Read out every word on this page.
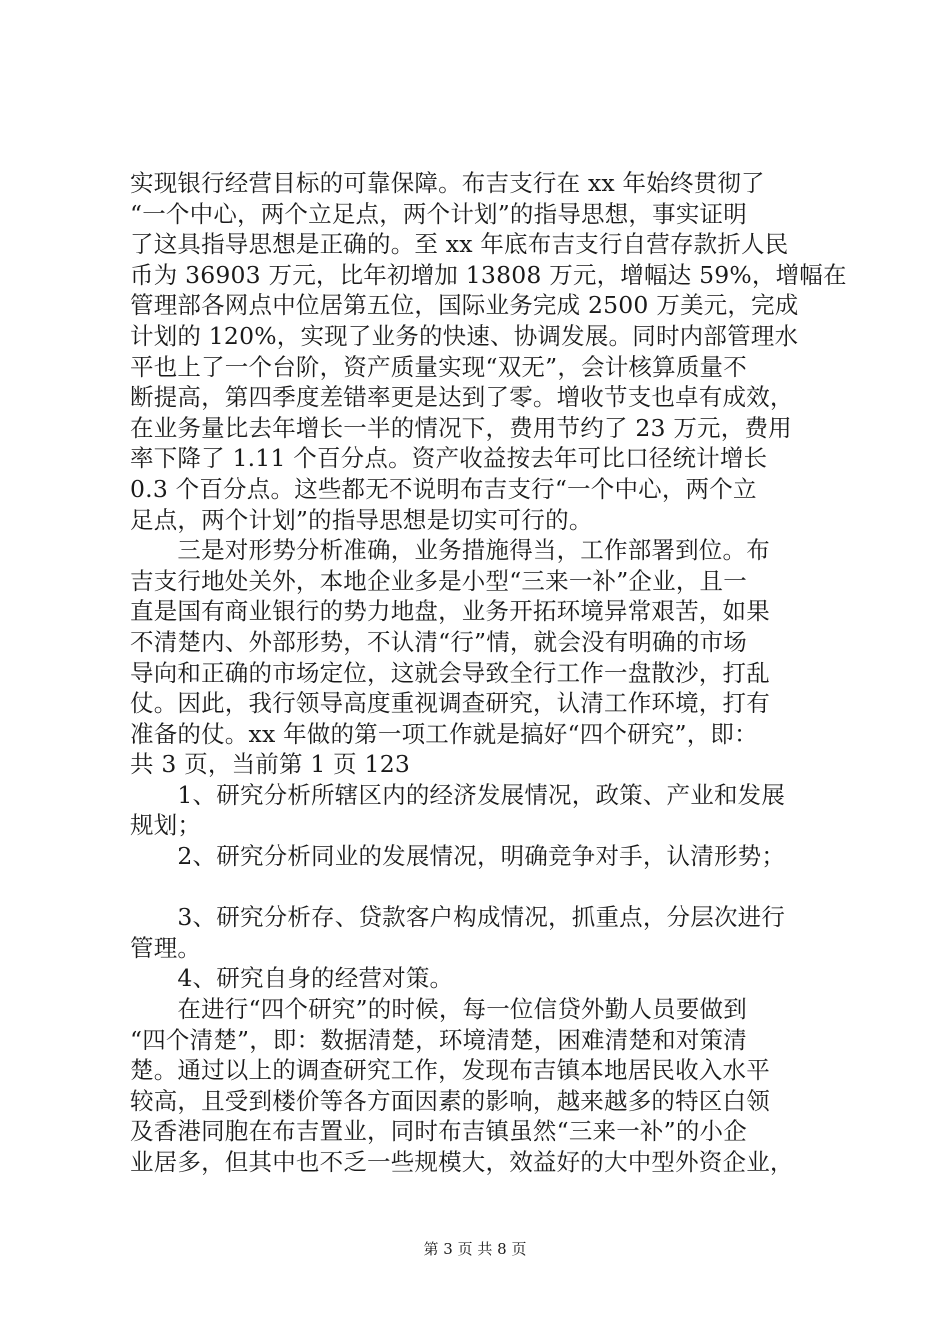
实现银行经营目标的可靠保障。布吉支行在 xx 年始终贯彻了
“一个中心，两个立足点，两个计划”的指导思想，事实证明
了这具指导思想是正确的。至 xx 年底布吉支行自营存款折人民
币为 36903 万元，比年初增加 13808 万元，增幅达 59%，增幅在
管理部各网点中位居第五位，国际业务完成 2500 万美元，完成
计划的 120%，实现了业务的快速、协调发展。同时内部管理水
平也上了一个台阶，资产质量实现“双无”，会计核算质量不
断提高，第四季度差错率更是达到了零。增收节支也卓有成效，
在业务量比去年增长一半的情况下，费用节约了 23 万元，费用
率下降了 1.11 个百分点。资产收益按去年可比口径统计增长
0.3 个百分点。这些都无不说明布吉支行“一个中心，两个立
足点，两个计划”的指导思想是切实可行的。
　　三是对形势分析准确，业务措施得当，工作部署到位。布
吉支行地处关外，本地企业多是小型“三来一补”企业，且一
直是国有商业银行的势力地盘，业务开拓环境异常艰苦，如果
不清楚内、外部形势，不认清“行”情，就会没有明确的市场
导向和正确的市场定位，这就会导致全行工作一盘散沙，打乱
仗。因此，我行领导高度重视调查研究，认清工作环境，打有
准备的仗。xx 年做的第一项工作就是搞好“四个研究”，即：
共 3 页，当前第 1 页 123
　　1、研究分析所辖区内的经济发展情况，政策、产业和发展
规划；
　　2、研究分析同业的发展情况，明确竞争对手，认清形势；
　　3、研究分析存、贷款客户构成情况，抓重点，分层次进行
管理。
　　4、研究自身的经营对策。
　　在进行“四个研究”的时候，每一位信贷外勤人员要做到
“四个清楚”，即：数据清楚，环境清楚，困难清楚和对策清
楚。通过以上的调查研究工作，发现布吉镇本地居民收入水平
较高，且受到楼价等各方面因素的影响，越来越多的特区白领
及香港同胞在布吉置业，同时布吉镇虽然“三来一补”的小企
业居多，但其中也不乏一些规模大，效益好的大中型外资企业，
第 3 页 共 8 页
